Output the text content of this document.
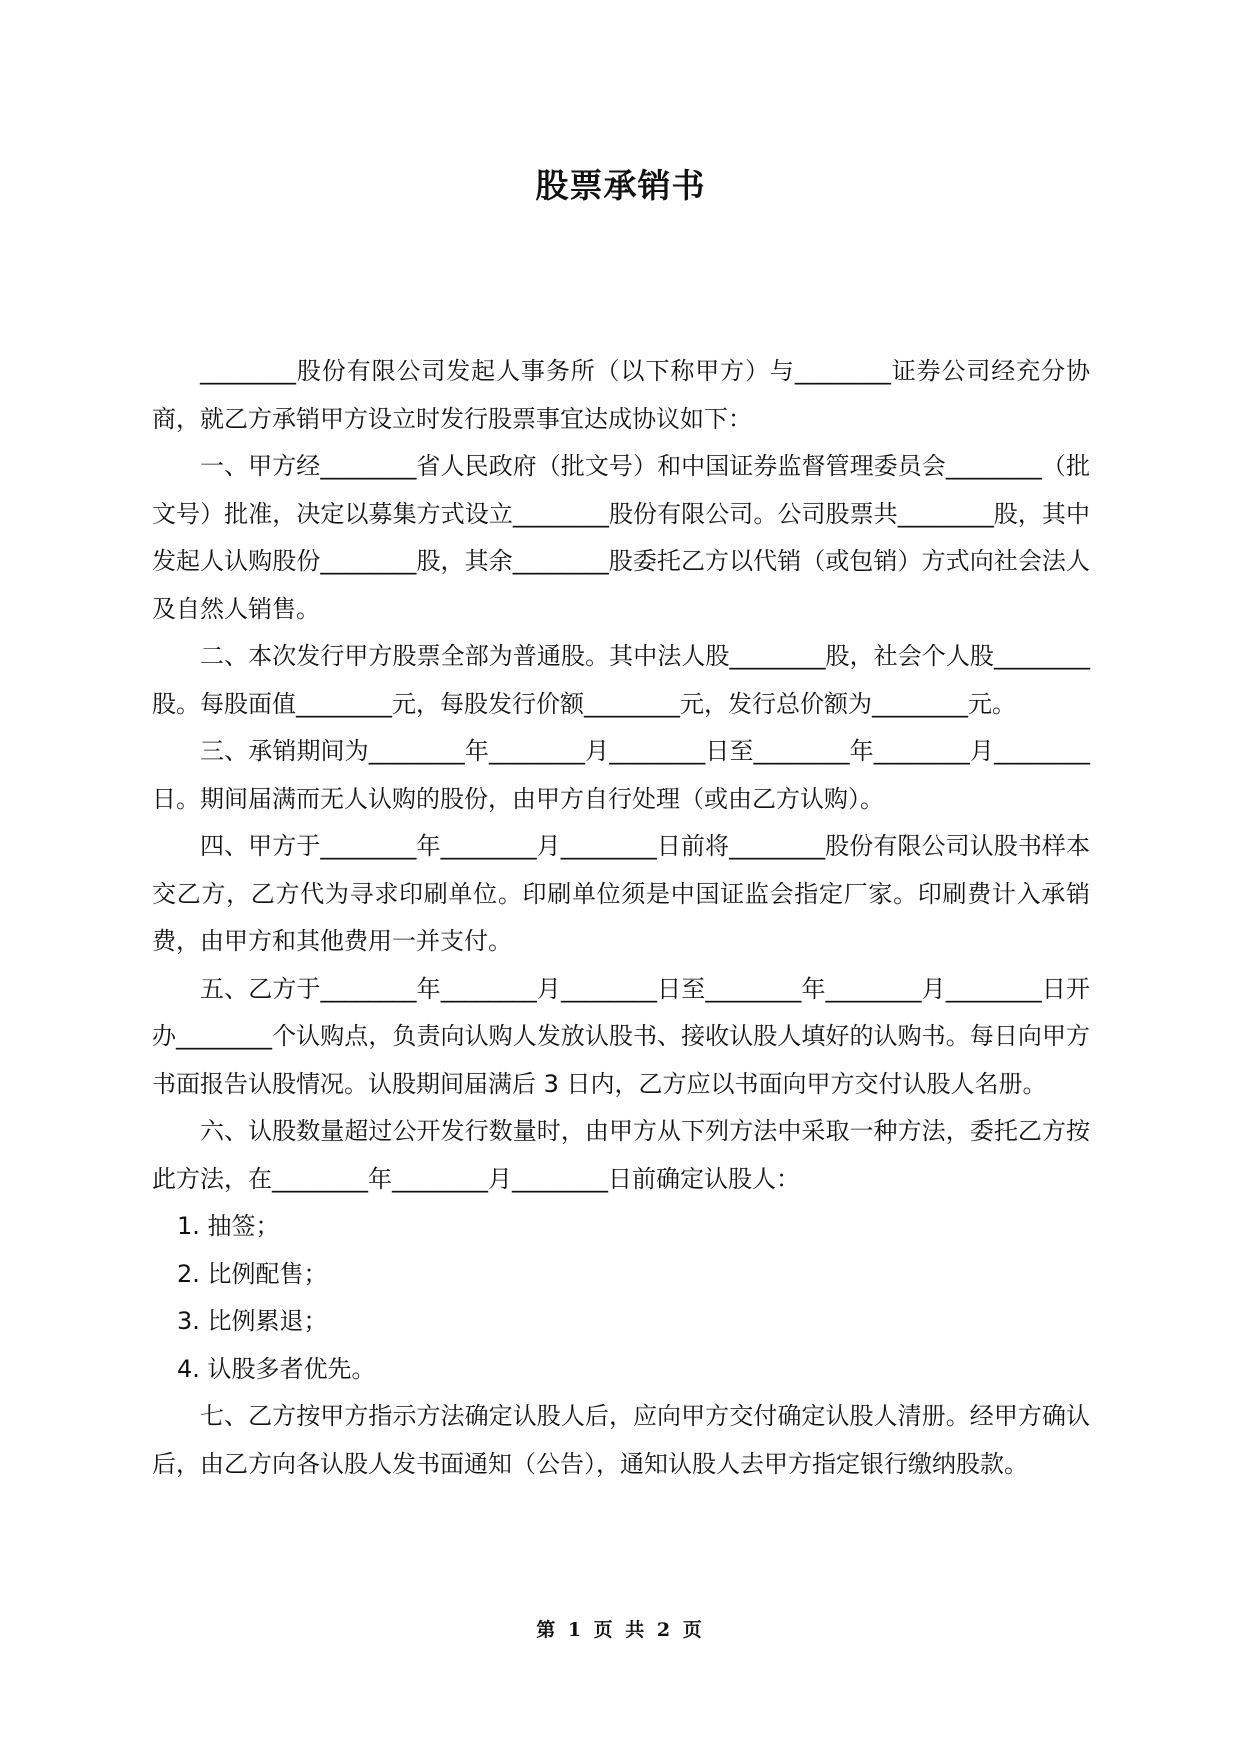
股票承销书

________股份有限公司发起人事务所（以下称甲方）与________证券公司经充分协商，就乙方承销甲方设立时发行股票事宜达成协议如下：

一、甲方经________省人民政府（批文号）和中国证券监督管理委员会________（批文号）批准，决定以募集方式设立________股份有限公司。公司股票共________股，其中发起人认购股份________股，其余________股委托乙方以代销（或包销）方式向社会法人及自然人销售。

二、本次发行甲方股票全部为普通股。其中法人股________股，社会个人股________股。每股面值________元，每股发行价额________元，发行总价额为________元。

三、承销期间为________年________月________日至________年________月________日。期间届满而无人认购的股份，由甲方自行处理（或由乙方认购）。

四、甲方于________年________月________日前将________股份有限公司认股书样本交乙方，乙方代为寻求印刷单位。印刷单位须是中国证监会指定厂家。印刷费计入承销费，由甲方和其他费用一并支付。

五、乙方于________年________月________日至________年________月________日开办________个认购点，负责向认购人发放认股书、接收认股人填好的认购书。每日向甲方书面报告认股情况。认股期间届满后 3 日内，乙方应以书面向甲方交付认股人名册。

六、认股数量超过公开发行数量时，由甲方从下列方法中采取一种方法，委托乙方按此方法，在________年________月________日前确定认股人：

1. 抽签；

2. 比例配售；

3. 比例累退；

4. 认股多者优先。

七、乙方按甲方指示方法确定认股人后，应向甲方交付确定认股人清册。经甲方确认后，由乙方向各认股人发书面通知（公告），通知认股人去甲方指定银行缴纳股款。

第 1 页 共 2 页
